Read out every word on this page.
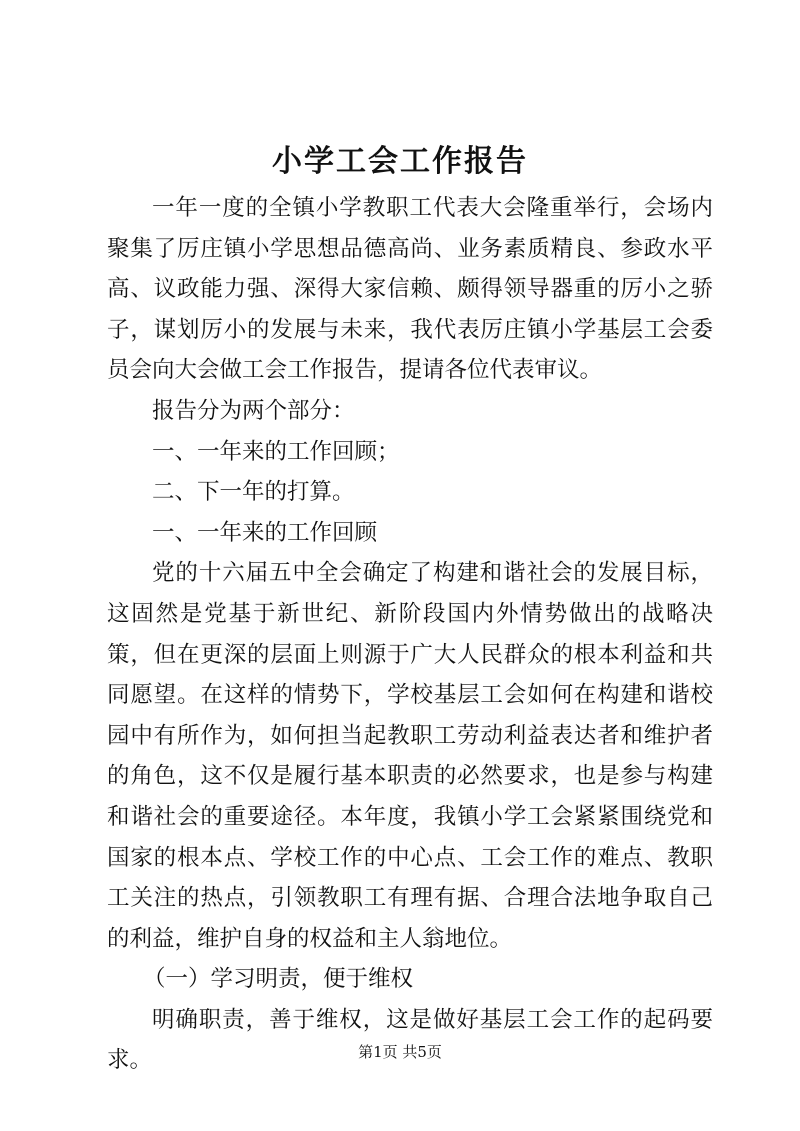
小学工会工作报告

一年一度的全镇小学教职工代表大会隆重举行，会场内聚集了厉庄镇小学思想品德高尚、业务素质精良、参政水平高、议政能力强、深得大家信赖、颇得领导器重的厉小之骄子，谋划厉小的发展与未来，我代表厉庄镇小学基层工会委员会向大会做工会工作报告，提请各位代表审议。

报告分为两个部分：

一、一年来的工作回顾；

二、下一年的打算。

一、一年来的工作回顾

党的十六届五中全会确定了构建和谐社会的发展目标，这固然是党基于新世纪、新阶段国内外情势做出的战略决策，但在更深的层面上则源于广大人民群众的根本利益和共同愿望。在这样的情势下，学校基层工会如何在构建和谐校园中有所作为，如何担当起教职工劳动利益表达者和维护者的角色，这不仅是履行基本职责的必然要求，也是参与构建和谐社会的重要途径。本年度，我镇小学工会紧紧围绕党和国家的根本点、学校工作的中心点、工会工作的难点、教职工关注的热点，引领教职工有理有据、合理合法地争取自己的利益，维护自身的权益和主人翁地位。

（一）学习明责，便于维权

明确职责，善于维权，这是做好基层工会工作的起码要求。	第1页 共5页
